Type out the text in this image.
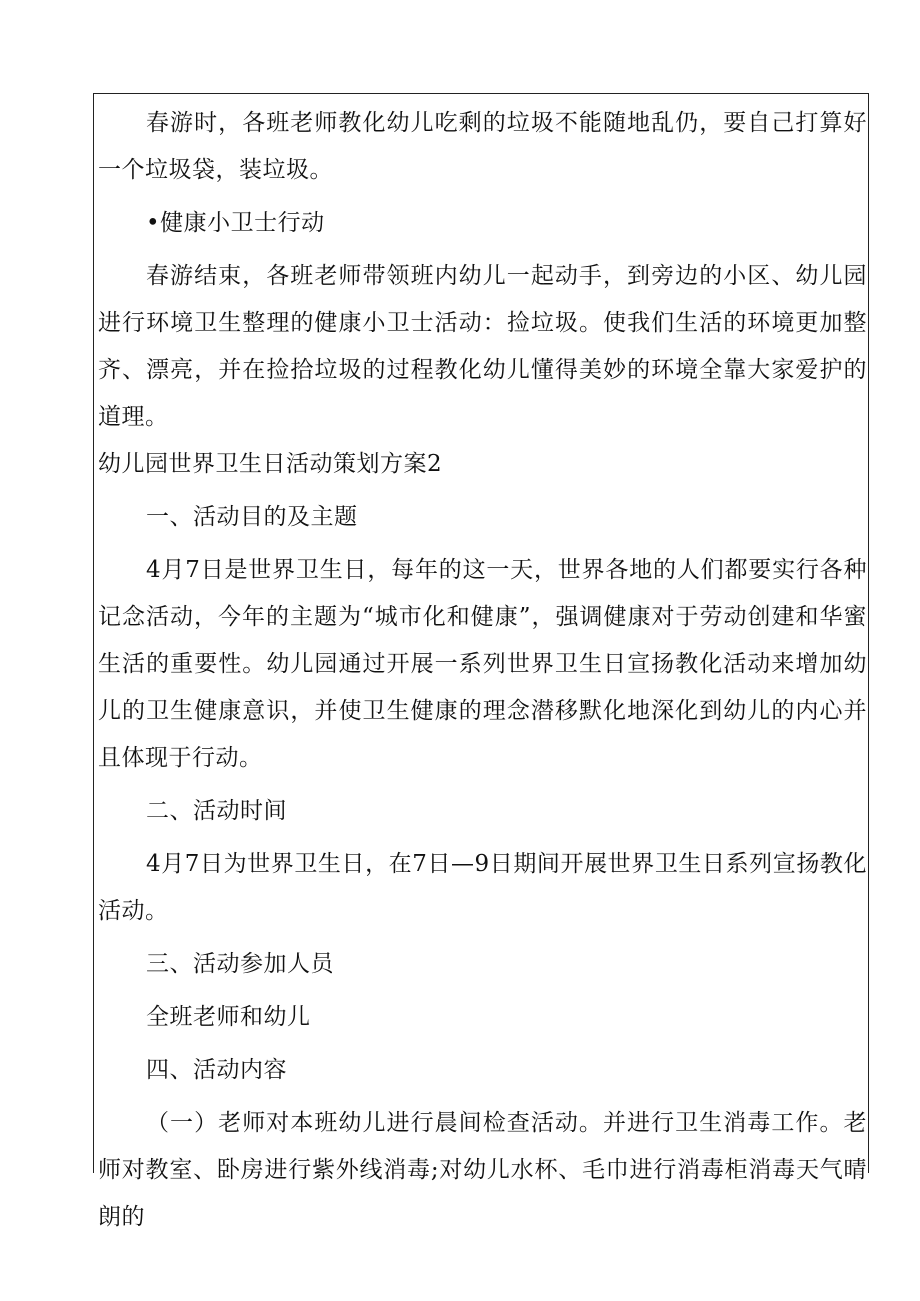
春游时，各班老师教化幼儿吃剩的垃圾不能随地乱仍，要自己打算好一个垃圾袋，装垃圾。

•健康小卫士行动

春游结束，各班老师带领班内幼儿一起动手，到旁边的小区、幼儿园进行环境卫生整理的健康小卫士活动：捡垃圾。使我们生活的环境更加整齐、漂亮，并在捡拾垃圾的过程教化幼儿懂得美妙的环境全靠大家爱护的道理。

幼儿园世界卫生日活动策划方案2

一、活动目的及主题

4月7日是世界卫生日，每年的这一天，世界各地的人们都要实行各种记念活动，今年的主题为“城市化和健康”，强调健康对于劳动创建和华蜜生活的重要性。幼儿园通过开展一系列世界卫生日宣扬教化活动来增加幼儿的卫生健康意识，并使卫生健康的理念潜移默化地深化到幼儿的内心并且体现于行动。

二、活动时间

4月7日为世界卫生日，在7日—9日期间开展世界卫生日系列宣扬教化活动。

三、活动参加人员

全班老师和幼儿

四、活动内容

（一）老师对本班幼儿进行晨间检查活动。并进行卫生消毒工作。老师对教室、卧房进行紫外线消毒;对幼儿水杯、毛巾进行消毒柜消毒天气晴朗的
